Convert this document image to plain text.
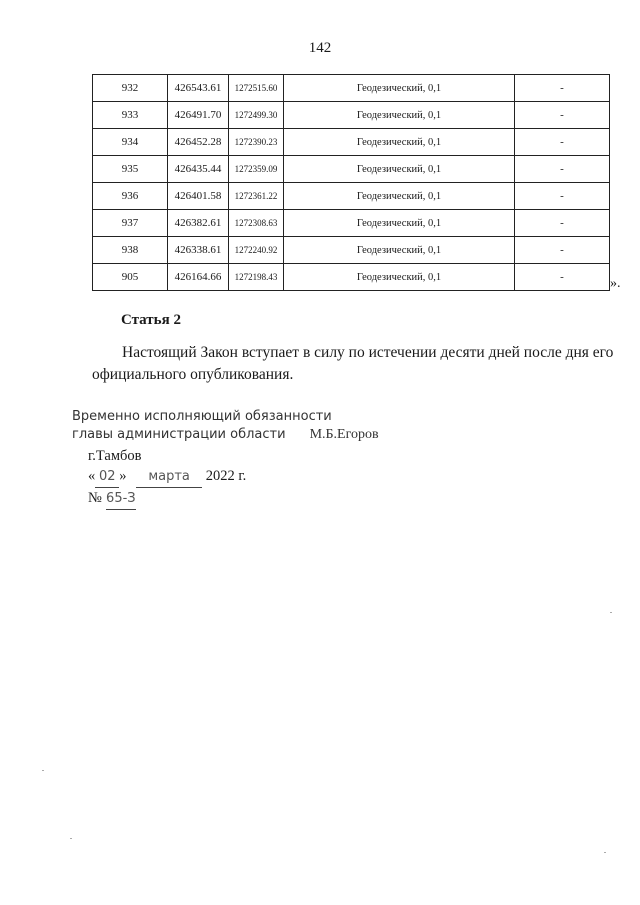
142
932	426543.61	1272515.60	Геодезический, 0,1	-
933	426491.70	1272499.30	Геодезический, 0,1	-
934	426452.28	1272390.23	Геодезический, 0,1	-
935	426435.44	1272359.09	Геодезический, 0,1	-
936	426401.58	1272361.22	Геодезический, 0,1	-
937	426382.61	1272308.63	Геодезический, 0,1	-
938	426338.61	1272240.92	Геодезический, 0,1	-
905	426164.66	1272198.43	Геодезический, 0,1	-	».
Статья 2
Настоящий Закон вступает в силу по истечении десяти дней после дня его официального опубликования.
Временно исполняющий обязанности
главы администрации области М.Б.Егоров
г.Тамбов
« 02 » марта 2022 г.
№ 65-З
